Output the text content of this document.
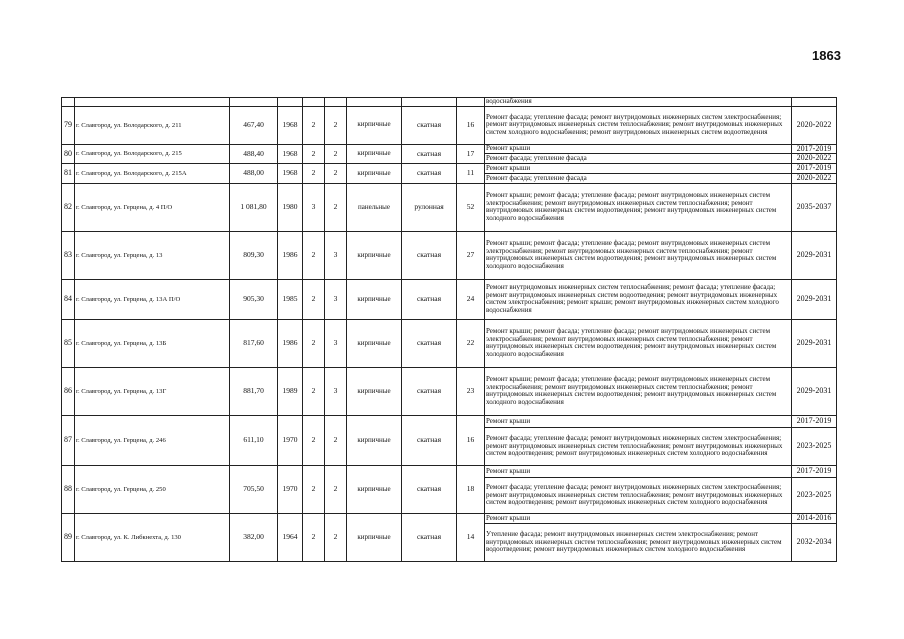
1863
									водоснабжения	
79	г. Славгород, ул. Володарского, д. 211	467,40	1968	2	2	кирпичные	скатная	16	Ремонт фасада; утепление фасада; ремонт внутридомовых инженерных систем электроснабжения; ремонт внутридомовых инженерных систем теплоснабжения; ремонт внутридомовых инженерных систем холодного водоснабжения; ремонт внутридомовых инженерных систем водоотведения	2020-2022
80	г. Славгород, ул. Володарского, д. 215	488,40	1968	2	2	кирпичные	скатная	17	Ремонт крыши	2017-2019
									Ремонт фасада; утепление фасада	2020-2022
81	г. Славгород, ул. Володарского, д. 215А	488,00	1968	2	2	кирпичные	скатная	11	Ремонт крыши	2017-2019
									Ремонт фасада; утепление фасада	2020-2022
82	г. Славгород, ул. Герцена, д. 4 П/О	1 081,80	1980	3	2	панельные	рулонная	52	Ремонт крыши; ремонт фасада; утепление фасада; ремонт внутридомовых инженерных систем электроснабжения; ремонт внутридомовых инженерных систем теплоснабжения; ремонт внутридомовых инженерных систем водоотведения; ремонт внутридомовых инженерных систем холодного водоснабжения	2035-2037
83	г. Славгород, ул. Герцена, д. 13	809,30	1986	2	3	кирпичные	скатная	27	Ремонт крыши; ремонт фасада; утепление фасада; ремонт внутридомовых инженерных систем электроснабжения; ремонт внутридомовых инженерных систем теплоснабжения; ремонт внутридомовых инженерных систем водоотведения; ремонт внутридомовых инженерных систем холодного водоснабжения	2029-2031
84	г. Славгород, ул. Герцена, д. 13А П/О	905,30	1985	2	3	кирпичные	скатная	24	Ремонт внутридомовых инженерных систем теплоснабжения; ремонт фасада; утепление фасада; ремонт внутридомовых инженерных систем водоотведения; ремонт внутридомовых инженерных систем электроснабжения; ремонт крыши; ремонт внутридомовых инженерных систем холодного водоснабжения	2029-2031
85	г. Славгород, ул. Герцена, д. 13Б	817,60	1986	2	3	кирпичные	скатная	22	Ремонт крыши; ремонт фасада; утепление фасада; ремонт внутридомовых инженерных систем электроснабжения; ремонт внутридомовых инженерных систем теплоснабжения; ремонт внутридомовых инженерных систем водоотведения; ремонт внутридомовых инженерных систем холодного водоснабжения	2029-2031
86	г. Славгород, ул. Герцена, д. 13Г	881,70	1989	2	3	кирпичные	скатная	23	Ремонт крыши; ремонт фасада; утепление фасада; ремонт внутридомовых инженерных систем электроснабжения; ремонт внутридомовых инженерных систем теплоснабжения; ремонт внутридомовых инженерных систем водоотведения; ремонт внутридомовых инженерных систем холодного водоснабжения	2029-2031
87	г. Славгород, ул. Герцена, д. 246	611,10	1970	2	2	кирпичные	скатная	16	Ремонт крыши	2017-2019
									Ремонт фасада; утепление фасада; ремонт внутридомовых инженерных систем электроснабжения; ремонт внутридомовых инженерных систем теплоснабжения; ремонт внутридомовых инженерных систем водоотведения; ремонт внутридомовых инженерных систем холодного водоснабжения	2023-2025
88	г. Славгород, ул. Герцена, д. 250	705,50	1970	2	2	кирпичные	скатная	18	Ремонт крыши	2017-2019
									Ремонт фасада; утепление фасада; ремонт внутридомовых инженерных систем электроснабжения; ремонт внутридомовых инженерных систем теплоснабжения; ремонт внутридомовых инженерных систем водоотведения; ремонт внутридомовых инженерных систем холодного водоснабжения	2023-2025
89	г. Славгород, ул. К. Либкнехта, д. 130	382,00	1964	2	2	кирпичные	скатная	14	Ремонт крыши	2014-2016
									Утепление фасада; ремонт внутридомовых инженерных систем электроснабжения; ремонт внутридомовых инженерных систем теплоснабжения; ремонт внутридомовых инженерных систем водоотведения; ремонт внутридомовых инженерных систем холодного водоснабжения	2032-2034
